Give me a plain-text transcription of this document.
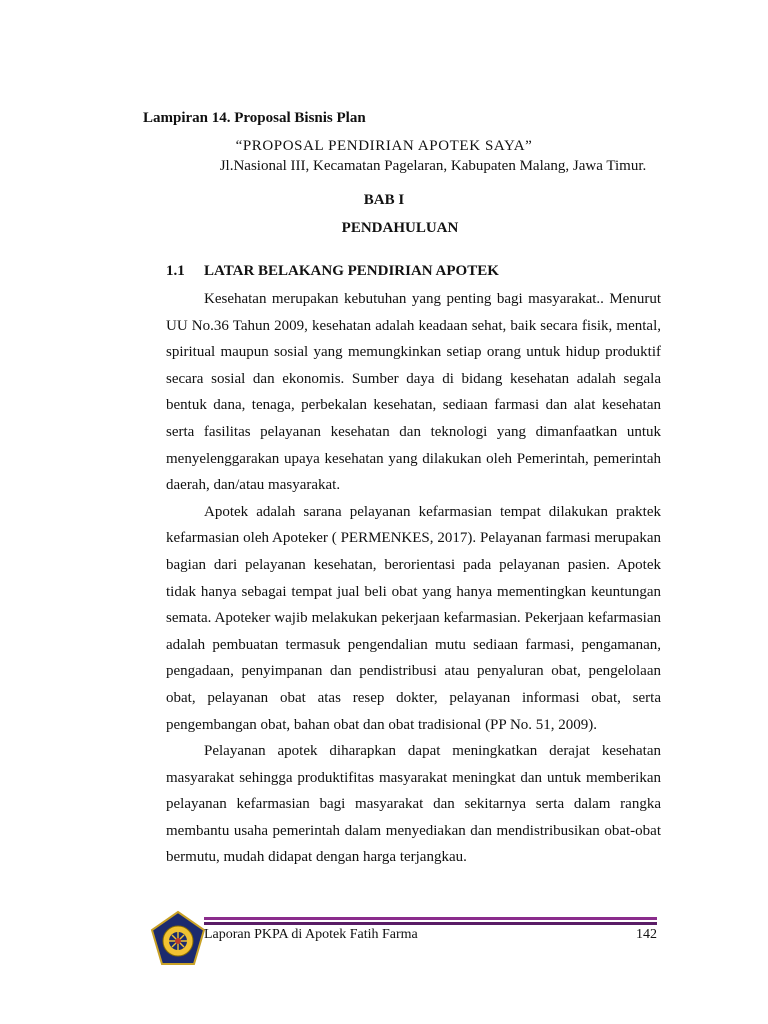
Lampiran 14. Proposal Bisnis Plan
“PROPOSAL PENDIRIAN APOTEK SAYA”
Jl.Nasional III, Kecamatan Pagelaran, Kabupaten Malang, Jawa Timur.
BAB I
PENDAHULUAN
1.1 LATAR BELAKANG PENDIRIAN APOTEK

Kesehatan merupakan kebutuhan yang penting bagi masyarakat.. Menurut UU No.36 Tahun 2009, kesehatan adalah keadaan sehat, baik secara fisik, mental, spiritual maupun sosial yang memungkinkan setiap orang untuk hidup produktif secara sosial dan ekonomis. Sumber daya di bidang kesehatan adalah segala bentuk dana, tenaga, perbekalan kesehatan, sediaan farmasi dan alat kesehatan serta fasilitas pelayanan kesehatan dan teknologi yang dimanfaatkan untuk menyelenggarakan upaya kesehatan yang dilakukan oleh Pemerintah, pemerintah daerah, dan/atau masyarakat.

Apotek adalah sarana pelayanan kefarmasian tempat dilakukan praktek kefarmasian oleh Apoteker ( PERMENKES, 2017). Pelayanan farmasi merupakan bagian dari pelayanan kesehatan, berorientasi pada pelayanan pasien. Apotek tidak hanya sebagai tempat jual beli obat yang hanya mementingkan keuntungan semata. Apoteker wajib melakukan pekerjaan kefarmasian. Pekerjaan kefarmasian adalah pembuatan termasuk pengendalian mutu sediaan farmasi, pengamanan, pengadaan, penyimpanan dan pendistribusi atau penyaluran obat, pengelolaan obat, pelayanan obat atas resep dokter, pelayanan informasi obat, serta pengembangan obat, bahan obat dan obat tradisional (PP No. 51, 2009).

Pelayanan apotek diharapkan dapat meningkatkan derajat kesehatan masyarakat sehingga produktifitas masyarakat meningkat dan untuk memberikan pelayanan kefarmasian bagi masyarakat dan sekitarnya serta dalam rangka membantu usaha pemerintah dalam menyediakan dan mendistribusikan obat-obat bermutu, mudah didapat dengan harga terjangkau.

Laporan PKPA di Apotek Fatih Farma	142
